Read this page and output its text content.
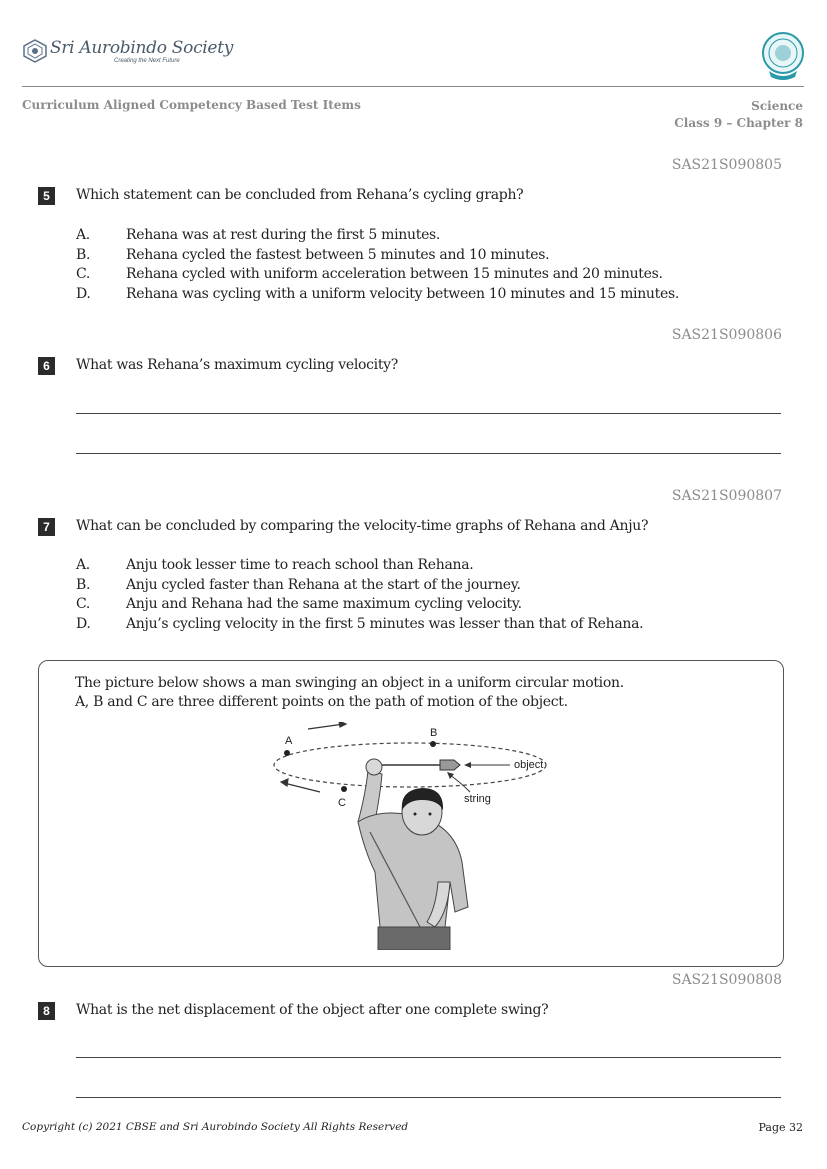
Sri Aurobindo Society
Creating the Next Future
Curriculum Aligned Competency Based Test Items	Science
Class 9 – Chapter 8
SAS21S090805
5	Which statement can be concluded from Rehana’s cycling graph?
A.	Rehana was at rest during the first 5 minutes.
B.	Rehana cycled the fastest between 5 minutes and 10 minutes.
C.	Rehana cycled with uniform acceleration between 15 minutes and 20 minutes.
D.	Rehana was cycling with a uniform velocity between 10 minutes and 15 minutes.
SAS21S090806
6	What was Rehana’s maximum cycling velocity?
SAS21S090807
7	What can be concluded by comparing the velocity-time graphs of Rehana and Anju?
A.	Anju took lesser time to reach school than Rehana.
B.	Anju cycled faster than Rehana at the start of the journey.
C.	Anju and Rehana had the same maximum cycling velocity.
D.	Anju’s cycling velocity in the first 5 minutes was lesser than that of Rehana.
The picture below shows a man swinging an object in a uniform circular motion.
A, B and C are three different points on the path of motion of the object.
A
B
C
object
string
SAS21S090808
8	What is the net displacement of the object after one complete swing?
Copyright (c) 2021 CBSE and Sri Aurobindo Society All Rights Reserved	Page 32
